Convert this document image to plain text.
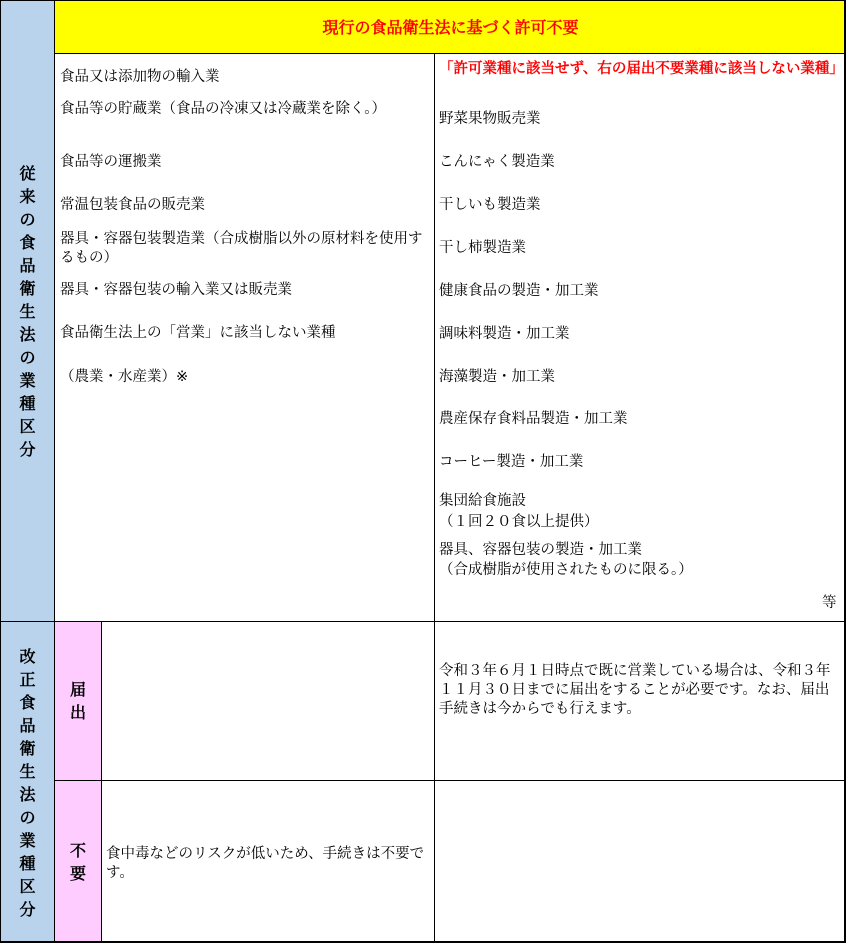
従
来
の
食
品
衛
生
法
の
業
種
区
分
改
正
食
品
衛
生
法
の
業
種
区
分
現行の食品衛生法に基づく許可不要
届
出
不
要
食品又は添加物の輸入業
食品等の貯蔵業（食品の冷凍又は冷蔵業を除く。）
食品等の運搬業
常温包装食品の販売業
器具・容器包装製造業（合成樹脂以外の原材料を使用するもの）
器具・容器包装の輸入業又は販売業
食品衛生法上の「営業」に該当しない業種
（農業・水産業）※
「許可業種に該当せず、右の届出不要業種に該当しない業種」
野菜果物販売業
こんにゃく製造業
干しいも製造業
干し柿製造業
健康食品の製造・加工業
調味料製造・加工業
海藻製造・加工業
農産保存食料品製造・加工業
コーヒー製造・加工業
集団給食施設
（１回２０食以上提供）
器具、容器包装の製造・加工業
（合成樹脂が使用されたものに限る。）
等
令和３年６月１日時点で既に営業している場合は、令和３年１１月３０日までに届出をすることが必要です。なお、届出手続きは今からでも行えます。
食中毒などのリスクが低いため、手続きは不要です。
